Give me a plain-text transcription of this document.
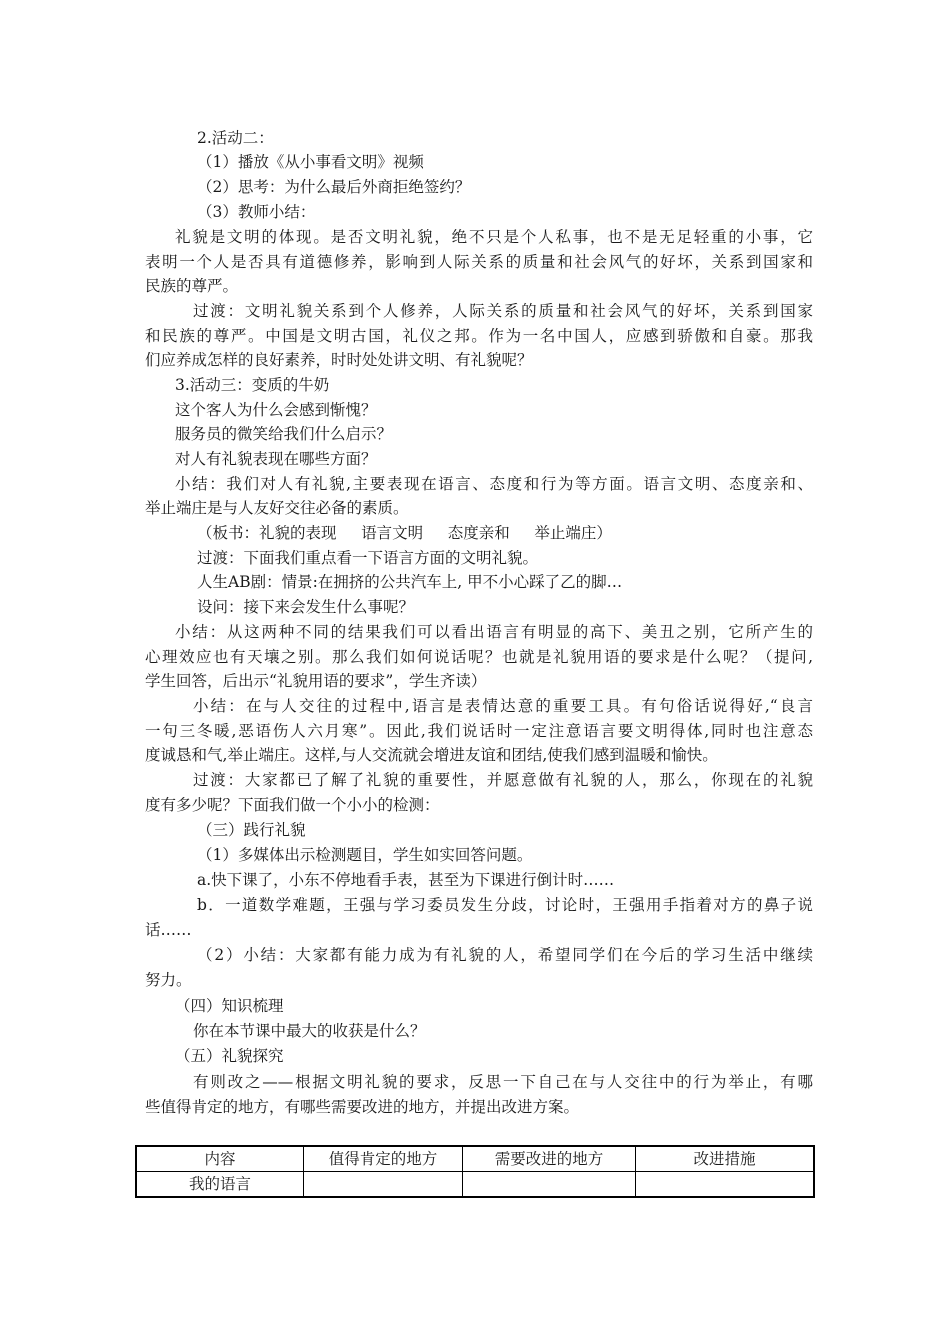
2.活动二：
（1）播放《从小事看文明》视频
（2）思考：为什么最后外商拒绝签约？
（3）教师小结：
礼貌是文明的体现。是否文明礼貌，绝不只是个人私事，也不是无足轻重的小事，它
表明一个人是否具有道德修养，影响到人际关系的质量和社会风气的好坏，关系到国家和
民族的尊严。
过渡：文明礼貌关系到个人修养，人际关系的质量和社会风气的好坏，关系到国家
和民族的尊严。中国是文明古国，礼仪之邦。作为一名中国人，应感到骄傲和自豪。那我
们应养成怎样的良好素养，时时处处讲文明、有礼貌呢？
3.活动三：变质的牛奶
这个客人为什么会感到惭愧？
服务员的微笑给我们什么启示？
对人有礼貌表现在哪些方面？
小结：我们对人有礼貌,主要表现在语言、态度和行为等方面。语言文明、态度亲和、
举止端庄是与人友好交往必备的素质。
（板书：礼貌的表现     语言文明     态度亲和     举止端庄）
过渡：下面我们重点看一下语言方面的文明礼貌。
人生AB剧：情景:在拥挤的公共汽车上, 甲不小心踩了乙的脚…
设问：接下来会发生什么事呢？
小结：从这两种不同的结果我们可以看出语言有明显的高下、美丑之别，它所产生的
心理效应也有天壤之别。那么我们如何说话呢？也就是礼貌用语的要求是什么呢？（提问,
学生回答，后出示“礼貌用语的要求”，学生齐读）
小结：在与人交往的过程中,语言是表情达意的重要工具。有句俗话说得好,“良言
一句三冬暖,恶语伤人六月寒”。因此,我们说话时一定注意语言要文明得体,同时也注意态
度诚恳和气,举止端庄。这样,与人交流就会增进友谊和团结,使我们感到温暖和愉快。
过渡：大家都已了解了礼貌的重要性，并愿意做有礼貌的人，那么，你现在的礼貌
度有多少呢？下面我们做一个小小的检测：
（三）践行礼貌
（1）多媒体出示检测题目，学生如实回答问题。
a.快下课了，小东不停地看手表，甚至为下课进行倒计时……
b．一道数学难题，王强与学习委员发生分歧，讨论时，王强用手指着对方的鼻子说
话……
（2）小结：大家都有能力成为有礼貌的人，希望同学们在今后的学习生活中继续
努力。
（四）知识梳理
你在本节课中最大的收获是什么？
（五）礼貌探究
有则改之——根据文明礼貌的要求，反思一下自己在与人交往中的行为举止，有哪
些值得肯定的地方，有哪些需要改进的地方，并提出改进方案。
内容	值得肯定的地方	需要改进的地方	改进措施
我的语言			
